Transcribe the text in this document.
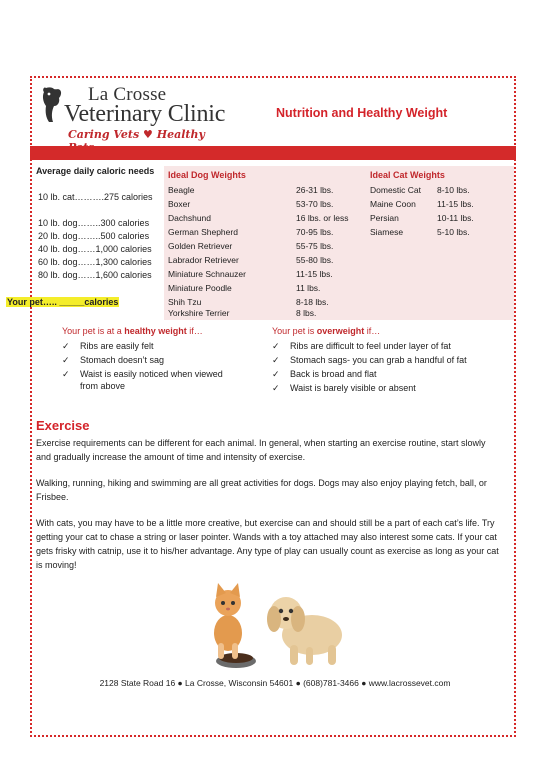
La Crosse
Veterinary Clinic
Caring Vets ♥ Healthy
Nutrition and Healthy Weight
Average daily caloric needs
10 lb. cat……….275 calories
10 lb. dog……..300 calories
20 lb. dog……..500 calories
40 lb. dog……1,000 calories
60 lb. dog……1,300 calories
80 lb. dog……1,600 calories
Your pet….. _____calories
Ideal Dog Weights	Ideal Cat Weights
Beagle	26-31 lbs.
Boxer	53-70 lbs.
Dachshund	16 lbs. or less
German Shepherd	70-95 lbs.
Golden Retriever	55-75 lbs.
Labrador Retriever	55-80 lbs.
Miniature Schnauzer	11-15 lbs.
Miniature Poodle	11 lbs.
Shih Tzu	8-18 lbs.
Yorkshire Terrier	8 lbs.
Domestic Cat 8-10 lbs.
Maine Coon 11-15 lbs.
Persian	10-11 lbs.
Siamese	5-10 lbs.
Your pet is at a healthy weight if…
✓ Ribs are easily felt
✓ Stomach doesn’t sag
✓ Waist is easily noticed when viewed from above
Your pet is overweight if…
✓ Ribs are difficult to feel under layer of fat
✓ Stomach sags- you can grab a handful of fat
✓ Back is broad and flat
✓ Waist is barely visible or absent
Exercise
Exercise requirements can be different for each animal. In general, when starting an exercise routine, start slowly and gradually increase the amount of time and intensity of exercise.
Walking, running, hiking and swimming are all great activities for dogs. Dogs may also enjoy playing fetch, ball, or Frisbee.
With cats, you may have to be a little more creative, but exercise can and should still be a part of each cat’s life. Try getting your cat to chase a string or laser pointer. Wands with a toy attached may also interest some cats. If your cat gets frisky with catnip, use it to his/her advantage. Any type of play can usually count as exercise as long as your cat is moving!
2128 State Road 16 ● La Crosse, Wisconsin 54601 ● (608)781-3466 ● www.lacrossevet.com
